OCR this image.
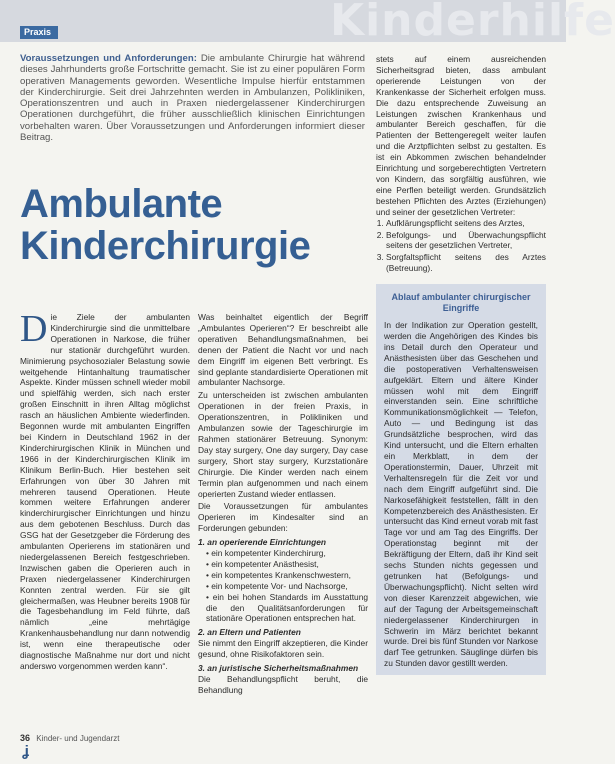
Kinderhilfe
Praxis
Voraussetzungen und Anforderungen: Die ambulante Chirurgie hat während dieses Jahrhunderts große Fortschritte gemacht. Sie ist zu einer populären Form operativen Managements geworden. Wesentliche Impulse hierfür entstammen der Kinderchirurgie. Seit drei Jahrzehnten werden in Ambulanzen, Polikliniken, Operationszentren und auch in Praxen niedergelassener Kinderchirurgen Operationen durchgeführt, die früher ausschließlich klinischen Einrichtungen vorbehalten waren. Über Voraussetzungen und Anforderungen informiert dieser Beitrag.
Ambulante
Kinderchirurgie
D ie Ziele der ambulanten Kinderchirurgie sind die unmittelbare Operationen in Narkose, die früher nur stationär durchgeführt wurden. Minimierung psychosozialer Belastung sowie weitgehende Hintanhaltung traumatischer Aspekte. Kinder müssen schnell wieder mobil und spielfähig werden, sich nach erster großen Einschnitt in ihren Alltag möglichst rasch an häuslichen Ambiente wiederfinden. Begonnen wurde mit ambulanten Eingriffen bei Kindern in Deutschland 1962 in der Kinderchirurgischen Klinik in München und 1966 in der Kinderchirurgischen Klinik im Klinikum Berlin-Buch. Hier bestehen seit Erfahrungen von über 30 Jahren mit mehreren tausend Operationen. Heute kommen weitere Erfahrungen anderer kinderchirurgischer Einrichtungen und hinzu aus dem gebotenen Beschluss. Durch das GSG hat der Gesetzgeber die Förderung des ambulanten Operierens im stationären und niedergelassenen Bereich festgeschrieben. Inzwischen gaben die Operieren auch in Praxen niedergelassener Kinderchirurgen Konnten zentral werden. Für sie gilt gleichermaßen, was Heubner bereits 1908 für die Tagesbehandlung im Feld führte, daß nämlich „eine mehrtägige Krankenhausbehandlung nur dann notwendig ist, wenn eine therapeutische oder diagnostische Maßnahme nur dort und nicht anderswo vorgenommen werden kann“.
Was beinhaltet eigentlich der Begriff „Ambulantes Operieren“? Er beschreibt alle operativen Behandlungsmaßnahmen, bei denen der Patient die Nacht vor und nach dem Eingriff im eigenen Bett verbringt. Es sind geplante standardisierte Operationen mit ambulanter Nachsorge.
Zu unterscheiden ist zwischen ambulanten Operationen in der freien Praxis, in Operationszentren, in Polikliniken und Ambulanzen sowie der Tageschirurgie im Rahmen stationärer Betreuung. Synonym: Day stay surgery, One day surgery, Day case surgery, Short stay surgery, Kurzstationäre Chirurgie. Die Kinder werden nach einem Termin plan aufgenommen und nach einem operierten Zustand wieder entlassen.
Die Voraussetzungen für ambulantes Operieren im Kindesalter sind an Forderungen gebunden:
1. an operierende Einrichtungen
• ein kompetenter Kinderchirurg,
• ein kompetenter Anästhesist,
• ein kompetentes Krankenschwestern,
• ein kompetente Vor- und Nachsorge,
• ein bei hohen Standards im Ausstattung die den Qualitätsanforderungen für stationäre Operationen entsprechen hat.
2. an Eltern und Patienten
Sie nimmt den Eingriff akzeptieren, die Kinder gesund, ohne Risikofaktoren sein.
3. an juristische Sicherheitsmaßnahmen
Die Behandlungspflicht beruht, die Behandlung
stets auf einem ausreichenden Sicherheitsgrad bieten, dass ambulant operierende Leistungen von der Krankenkasse der Sicherheit erfolgen muss. Die dazu entsprechende Zuweisung an Leistungen zwischen Krankenhaus und ambulanter Bereich geschaffen, für die Patienten der Bettengeregelt weiter laufen und die Arztpflichten selbst zu gestalten. Es ist ein Abkommen zwischen behandelnder Einrichtung und sorgeberechtigten Vertretern von Kindern, das sorgfältig ausführen, wie eine Perflen beteiligt werden. Grundsätzlich bestehen Pflichten des Arztes (Erziehungen) und seiner der gesetzlichen Vertreter:
1. Aufklärungspflicht seitens des Arztes,
2. Befolgungs- und Überwachungspflicht seitens der gesetzlichen Vertreter,
3. Sorgfaltspflicht seitens des Arztes (Betreuung).
Ablauf ambulanter chirurgischer Eingriffe
In der Indikation zur Operation gestellt, werden die Angehörigen des Kindes bis ins Detail durch den Operateur und Anästhesisten über das Geschehen und die postoperativen Verhaltensweisen aufgeklärt. Eltern und ältere Kinder müssen wohl mit dem Eingriff einverstanden sein. Eine schriftliche Kommunikationsmöglichkeit — Telefon, Auto — und Bedingung ist das Grundsätzliche besprochen, wird das Kind untersucht, und die Eltern erhalten ein Merkblatt, in dem der Operationstermin, Dauer, Uhrzeit mit Verhaltensregeln für die Zeit vor und nach dem Eingriff aufgeführt sind. Die Narkosefähigkeit feststellen, fällt in den Kompetenzbereich des Anästhesisten. Er untersucht das Kind erneut vorab mit fast Tage vor und am Tag des Eingriffs. Der Operationstag beginnt mit der Bekräftigung der Eltern, daß ihr Kind seit sechs Stunden nichts gegessen und getrunken hat (Befolgungs- und Überwachungspflicht). Nicht selten wird von dieser Karenzzeit abgewichen, wie auf der Tagung der Arbeitsgemeinschaft niedergelassener Kinderchirurgen in Schwerin im März berichtet bekannt wurde. Drei bis fünf Stunden vor Narkose darf Tee getrunken. Säuglinge dürfen bis zu Stunden davor gestillt werden.
36 Kinder- und Jugendarzt
ʝ
